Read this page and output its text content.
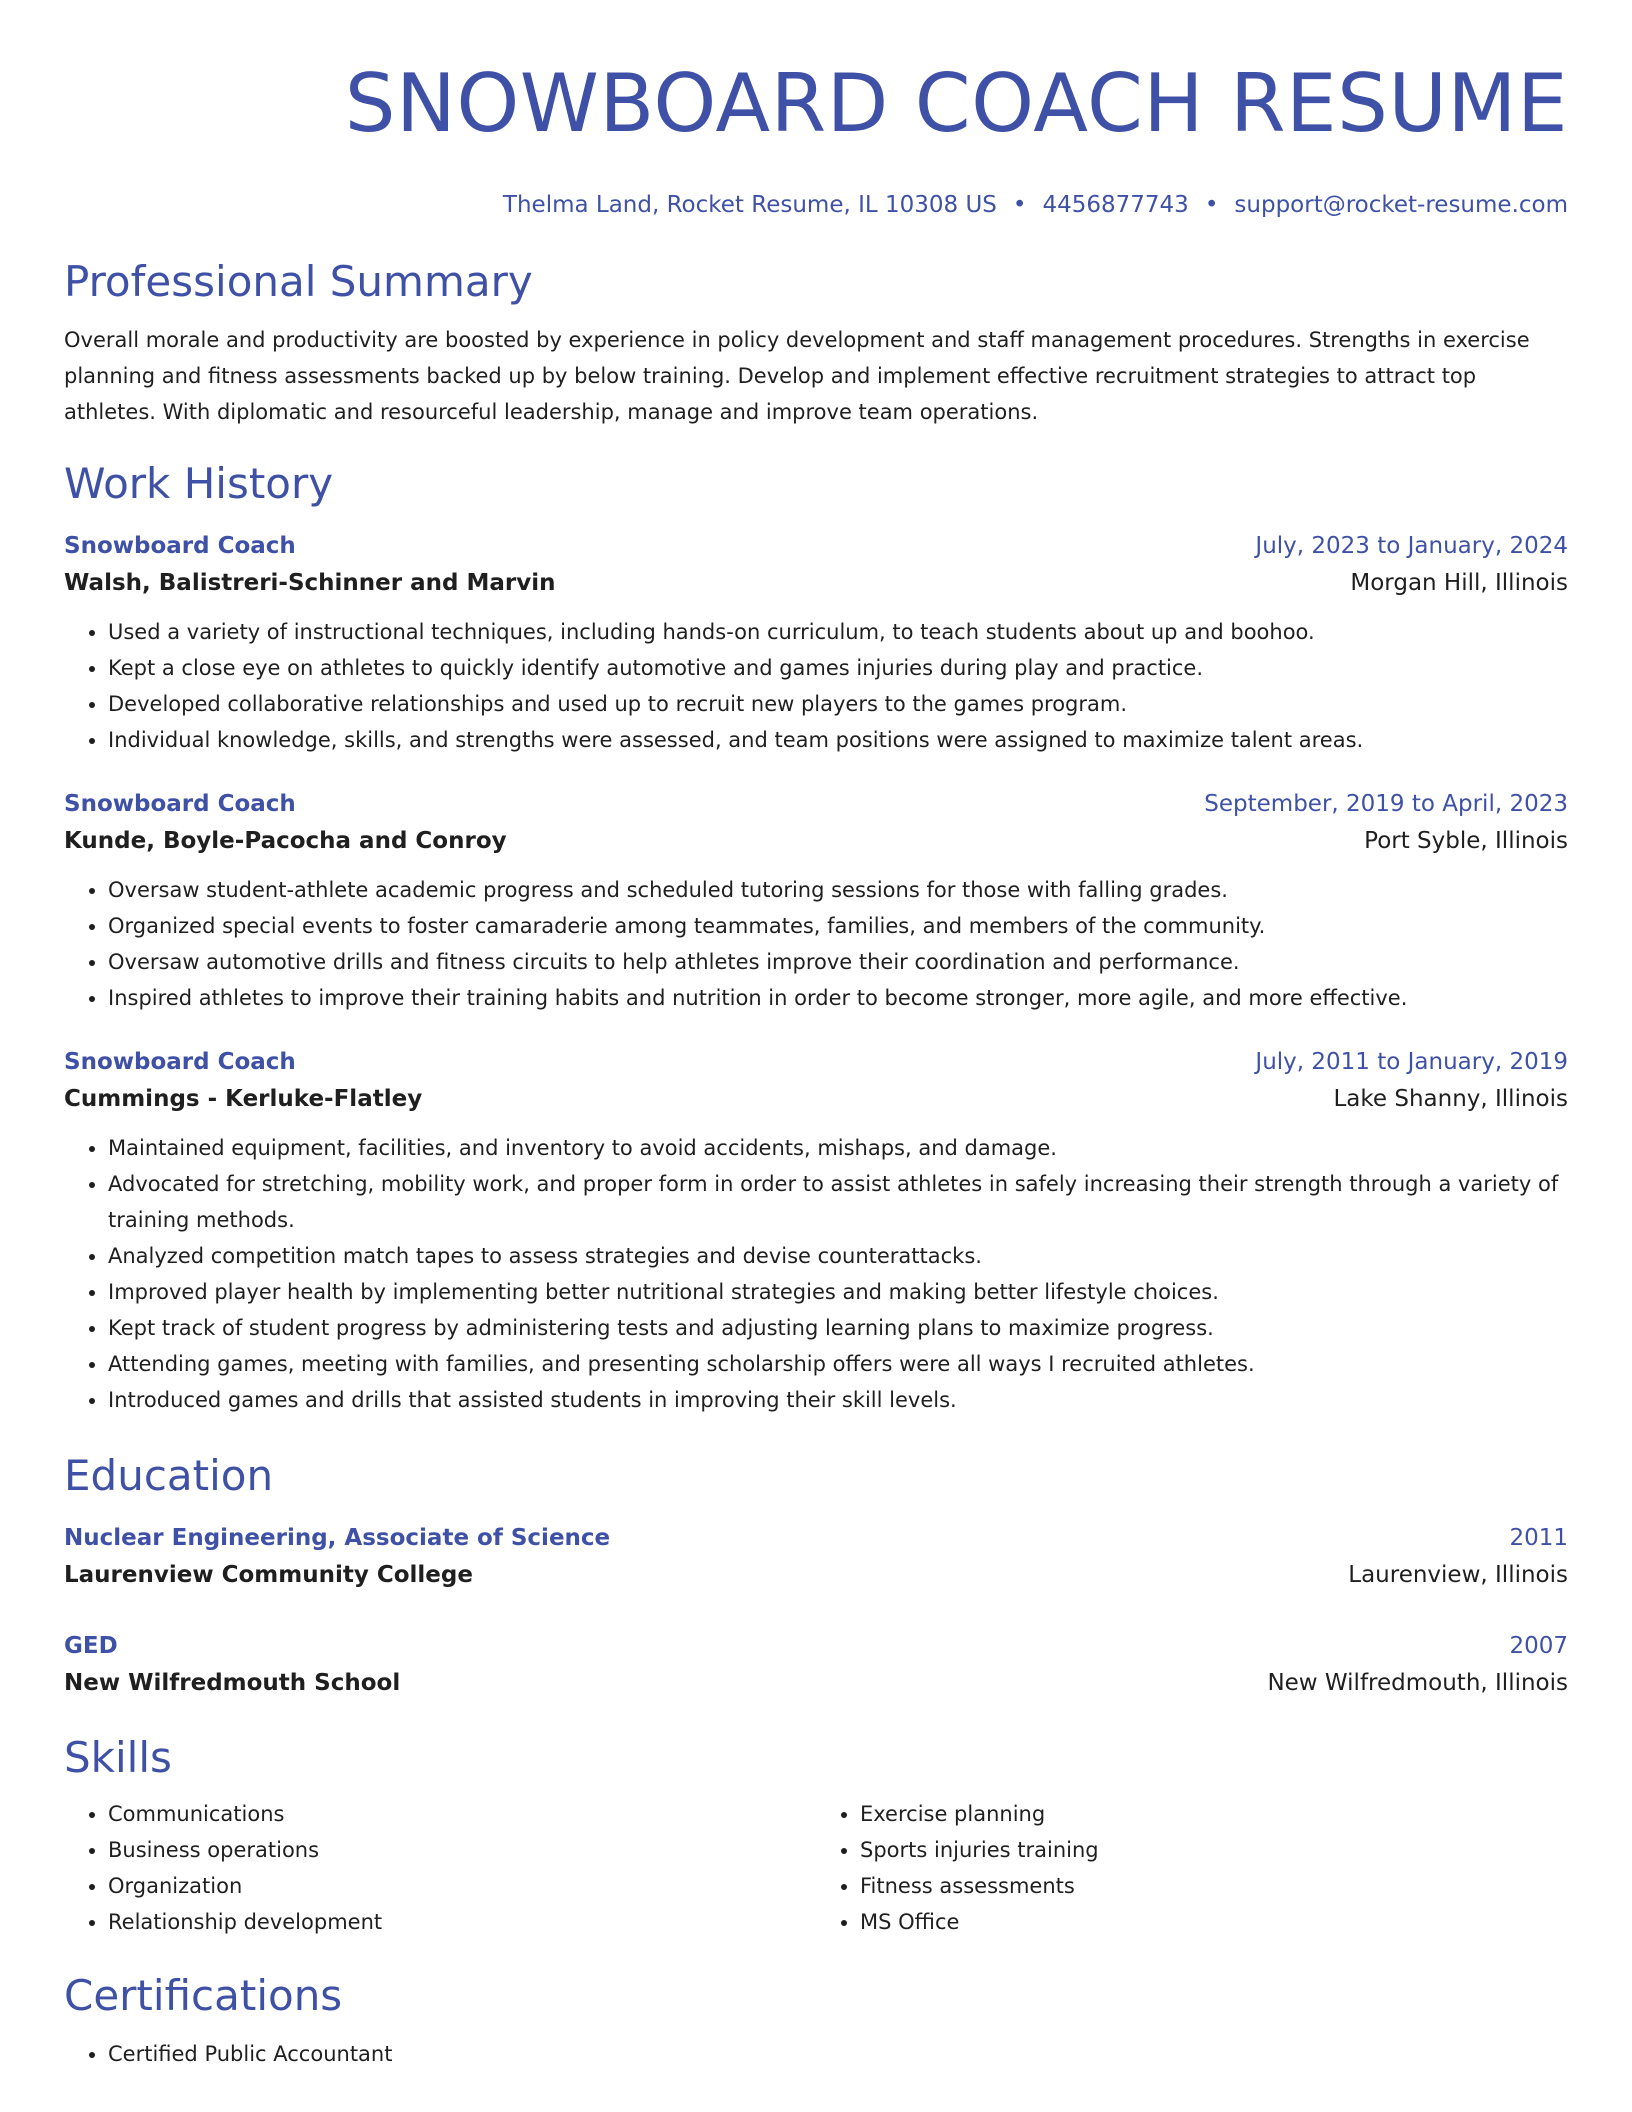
SNOWBOARD COACH RESUME
Thelma Land, Rocket Resume, IL 10308 US • 4456877743 • support@rocket-resume.com
Professional Summary

Overall morale and productivity are boosted by experience in policy development and staff management procedures. Strengths in exercise planning and fitness assessments backed up by below training. Develop and implement effective recruitment strategies to attract top athletes. With diplomatic and resourceful leadership, manage and improve team operations.

Work History
Snowboard Coach	July, 2023 to January, 2024
Walsh, Balistreri-Schinner and Marvin	Morgan Hill, Illinois
• Used a variety of instructional techniques, including hands-on curriculum, to teach students about up and boohoo.
• Kept a close eye on athletes to quickly identify automotive and games injuries during play and practice.
• Developed collaborative relationships and used up to recruit new players to the games program.
• Individual knowledge, skills, and strengths were assessed, and team positions were assigned to maximize talent areas.
Snowboard Coach	September, 2019 to April, 2023
Kunde, Boyle-Pacocha and Conroy	Port Syble, Illinois
• Oversaw student-athlete academic progress and scheduled tutoring sessions for those with falling grades.
• Organized special events to foster camaraderie among teammates, families, and members of the community.
• Oversaw automotive drills and fitness circuits to help athletes improve their coordination and performance.
• Inspired athletes to improve their training habits and nutrition in order to become stronger, more agile, and more effective.
Snowboard Coach	July, 2011 to January, 2019
Cummings - Kerluke-Flatley	Lake Shanny, Illinois
• Maintained equipment, facilities, and inventory to avoid accidents, mishaps, and damage.
• Advocated for stretching, mobility work, and proper form in order to assist athletes in safely increasing their strength through a variety of training methods.
• Analyzed competition match tapes to assess strategies and devise counterattacks.
• Improved player health by implementing better nutritional strategies and making better lifestyle choices.
• Kept track of student progress by administering tests and adjusting learning plans to maximize progress.
• Attending games, meeting with families, and presenting scholarship offers were all ways I recruited athletes.
• Introduced games and drills that assisted students in improving their skill levels.
Education
Nuclear Engineering, Associate of Science	2011
Laurenview Community College	Laurenview, Illinois
GED	2007
New Wilfredmouth School	New Wilfredmouth, Illinois
Skills
• Communications
• Business operations
• Organization
• Relationship development
• Exercise planning
• Sports injuries training
• Fitness assessments
• MS Office
Certifications
• Certified Public Accountant
